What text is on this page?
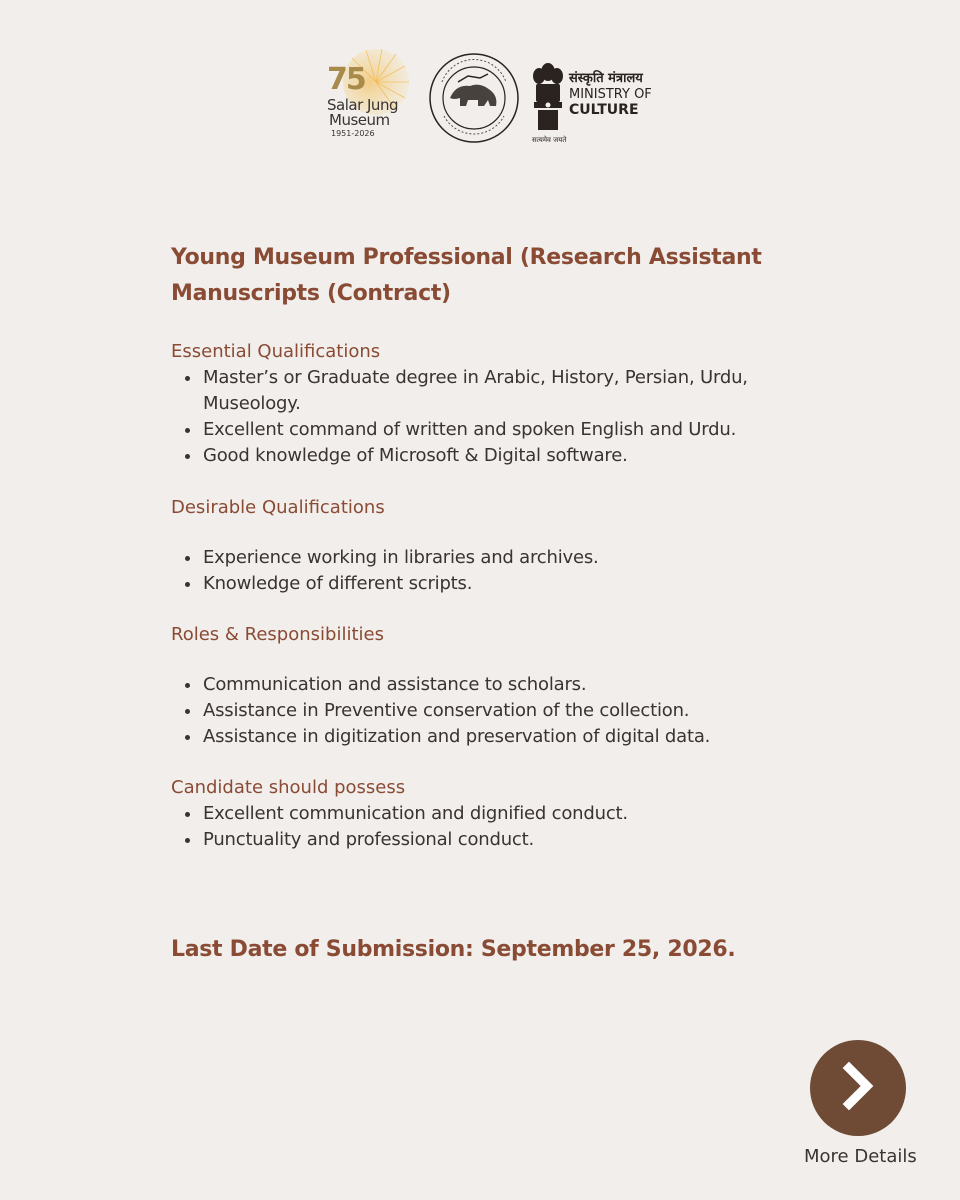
75
Salar Jung
Museum
1951-2026
सत्यमेव जयते
संस्कृति मंत्रालय
MINISTRY OF
CULTURE
Young Museum Professional (Research Assistant Manuscripts (Contract)

Essential Qualifications

Master’s or Graduate degree in Arabic, History, Persian, Urdu, Museology.
Excellent command of written and spoken English and Urdu.
Good knowledge of Microsoft & Digital software.

Desirable Qualifications

Experience working in libraries and archives.
Knowledge of different scripts.

Roles & Responsibilities

Communication and assistance to scholars.
Assistance in Preventive conservation of the collection.
Assistance in digitization and preservation of digital data.

Candidate should possess

Excellent communication and dignified conduct.
Punctuality and professional conduct.
Last Date of Submission: September 25, 2026.
More Details
